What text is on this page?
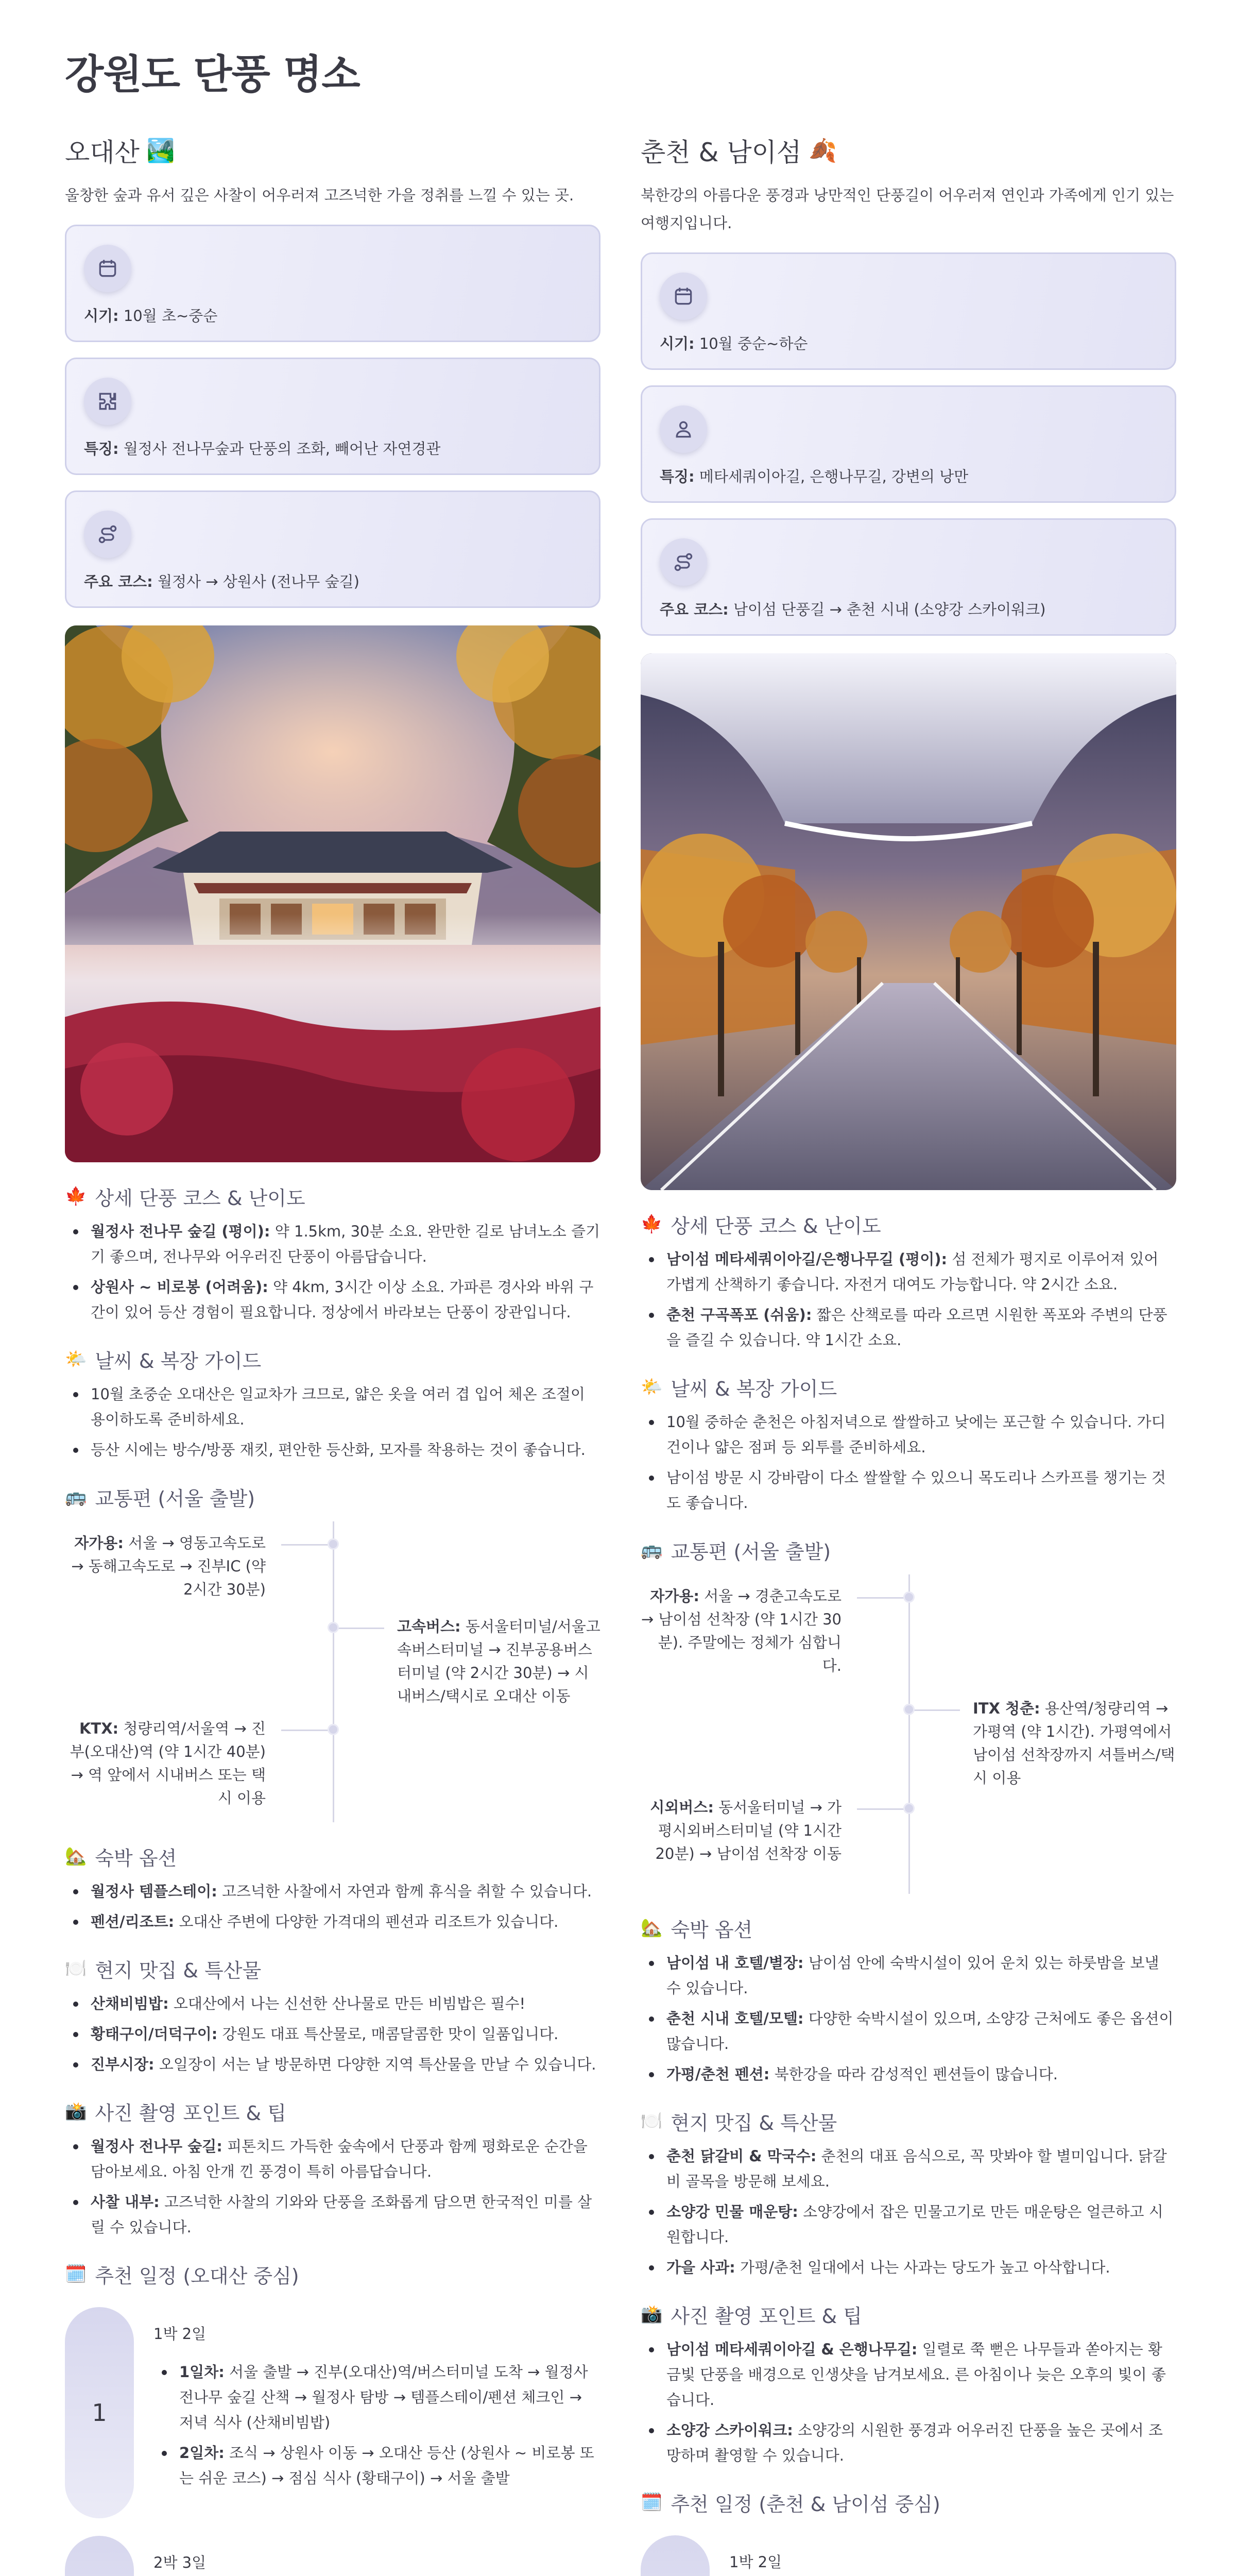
강원도 단풍 명소
오대산 🏞️
울창한 숲과 유서 깊은 사찰이 어우러져 고즈넉한 가을 정취를 느낄 수 있는 곳.
시기: 10월 초~중순
특징: 월정사 전나무숲과 단풍의 조화, 빼어난 자연경관
주요 코스: 월정사 → 상원사 (전나무 숲길)
🍁 상세 단풍 코스 & 난이도
월정사 전나무 숲길 (평이): 약 1.5km, 30분 소요. 완만한 길로 남녀노소 즐기기 좋으며, 전나무와 어우러진 단풍이 아름답습니다.
상원사 ~ 비로봉 (어려움): 약 4km, 3시간 이상 소요. 가파른 경사와 바위 구간이 있어 등산 경험이 필요합니다. 정상에서 바라보는 단풍이 장관입니다.
🌤️ 날씨 & 복장 가이드
10월 초중순 오대산은 일교차가 크므로, 얇은 옷을 여러 겹 입어 체온 조절이 용이하도록 준비하세요.
등산 시에는 방수/방풍 재킷, 편안한 등산화, 모자를 착용하는 것이 좋습니다.
🚌 교통편 (서울 출발)
자가용: 서울 → 영동고속도로 → 동해고속도로 → 진부IC (약 2시간 30분)
고속버스: 동서울터미널/서울고속버스터미널 → 진부공용버스터미널 (약 2시간 30분) → 시내버스/택시로 오대산 이동
KTX: 청량리역/서울역 → 진부(오대산)역 (약 1시간 40분) → 역 앞에서 시내버스 또는 택시 이용
🏡 숙박 옵션
월정사 템플스테이: 고즈넉한 사찰에서 자연과 함께 휴식을 취할 수 있습니다.
펜션/리조트: 오대산 주변에 다양한 가격대의 펜션과 리조트가 있습니다.
🍽️ 현지 맛집 & 특산물
산채비빔밥: 오대산에서 나는 신선한 산나물로 만든 비빔밥은 필수!
황태구이/더덕구이: 강원도 대표 특산물로, 매콤달콤한 맛이 일품입니다.
진부시장: 오일장이 서는 날 방문하면 다양한 지역 특산물을 만날 수 있습니다.
📸 사진 촬영 포인트 & 팁
월정사 전나무 숲길: 피톤치드 가득한 숲속에서 단풍과 함께 평화로운 순간을 담아보세요. 아침 안개 낀 풍경이 특히 아름답습니다.
사찰 내부: 고즈넉한 사찰의 기와와 단풍을 조화롭게 담으면 한국적인 미를 살릴 수 있습니다.
🗓️ 추천 일정 (오대산 중심)
1
1박 2일
1일차: 서울 출발 → 진부(오대산)역/버스터미널 도착 → 월정사 전나무 숲길 산책 → 월정사 탐방 → 템플스테이/펜션 체크인 → 저녁 식사 (산채비빔밥)
2일차: 조식 → 상원사 이동 → 오대산 등산 (상원사 ~ 비로봉 또는 쉬운 코스) → 점심 식사 (황태구이) → 서울 출발
2박 3일
춘천 & 남이섬 🍂
북한강의 아름다운 풍경과 낭만적인 단풍길이 어우러져 연인과 가족에게 인기 있는 여행지입니다.
시기: 10월 중순~하순
특징: 메타세쿼이아길, 은행나무길, 강변의 낭만
주요 코스: 남이섬 단풍길 → 춘천 시내 (소양강 스카이워크)
🍁 상세 단풍 코스 & 난이도
남이섬 메타세쿼이아길/은행나무길 (평이): 섬 전체가 평지로 이루어져 있어 가볍게 산책하기 좋습니다. 자전거 대여도 가능합니다. 약 2시간 소요.
춘천 구곡폭포 (쉬움): 짧은 산책로를 따라 오르면 시원한 폭포와 주변의 단풍을 즐길 수 있습니다. 약 1시간 소요.
🌤️ 날씨 & 복장 가이드
10월 중하순 춘천은 아침저녁으로 쌀쌀하고 낮에는 포근할 수 있습니다. 가디건이나 얇은 점퍼 등 외투를 준비하세요.
남이섬 방문 시 강바람이 다소 쌀쌀할 수 있으니 목도리나 스카프를 챙기는 것도 좋습니다.
🚌 교통편 (서울 출발)
자가용: 서울 → 경춘고속도로 → 남이섬 선착장 (약 1시간 30분). 주말에는 정체가 심합니다.
ITX 청춘: 용산역/청량리역 → 가평역 (약 1시간). 가평역에서 남이섬 선착장까지 셔틀버스/택시 이용
시외버스: 동서울터미널 → 가평시외버스터미널 (약 1시간 20분) → 남이섬 선착장 이동
🏡 숙박 옵션
남이섬 내 호텔/별장: 남이섬 안에 숙박시설이 있어 운치 있는 하룻밤을 보낼 수 있습니다.
춘천 시내 호텔/모텔: 다양한 숙박시설이 있으며, 소양강 근처에도 좋은 옵션이 많습니다.
가평/춘천 펜션: 북한강을 따라 감성적인 펜션들이 많습니다.
🍽️ 현지 맛집 & 특산물
춘천 닭갈비 & 막국수: 춘천의 대표 음식으로, 꼭 맛봐야 할 별미입니다. 닭갈비 골목을 방문해 보세요.
소양강 민물 매운탕: 소양강에서 잡은 민물고기로 만든 매운탕은 얼큰하고 시원합니다.
가을 사과: 가평/춘천 일대에서 나는 사과는 당도가 높고 아삭합니다.
📸 사진 촬영 포인트 & 팁
남이섬 메타세쿼이아길 & 은행나무길: 일렬로 쭉 뻗은 나무들과 쏟아지는 황금빛 단풍을 배경으로 인생샷을 남겨보세요. 른 아침이나 늦은 오후의 빛이 좋습니다.
소양강 스카이워크: 소양강의 시원한 풍경과 어우러진 단풍을 높은 곳에서 조망하며 촬영할 수 있습니다.
🗓️ 추천 일정 (춘천 & 남이섬 중심)
1박 2일
